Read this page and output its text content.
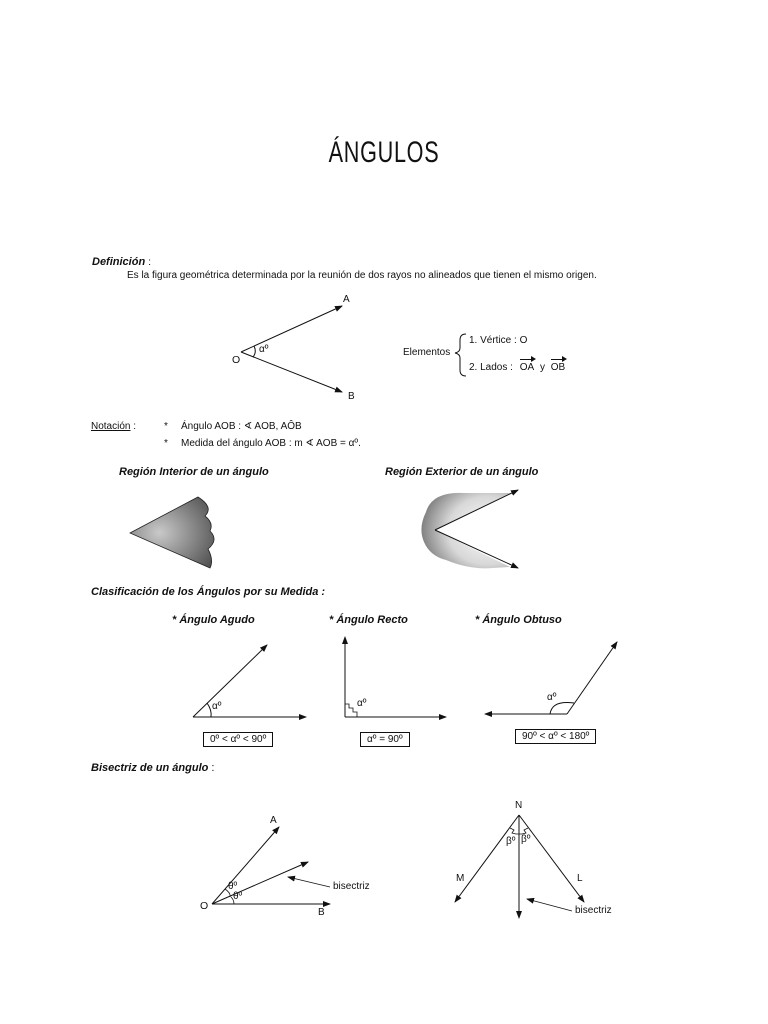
ÁNGULOS
Definición :
Es la figura geométrica determinada por la reunión de dos rayos no alineados que tienen el mismo origen.
A
B
O
αº	Elementos
1. Vértice : O
2. Lados : OA y OB
Notación :	* Ángulo AOB : ∢ AOB, AÔB
* Medida del ángulo AOB : m ∢ AOB = αº.
Región Interior de un ángulo	Región Exterior de un ángulo
Clasificación de los Ángulos por su Medida :
* Ángulo Agudo	* Ángulo Recto	* Ángulo Obtuso
αº	αº
αº
0º < αº < 90º	αº = 90º	90º < αº < 180º
Bisectriz de un ángulo :
A
O
B
θº
θº
bisectriz
N
M	L
βº βº
bisectriz
